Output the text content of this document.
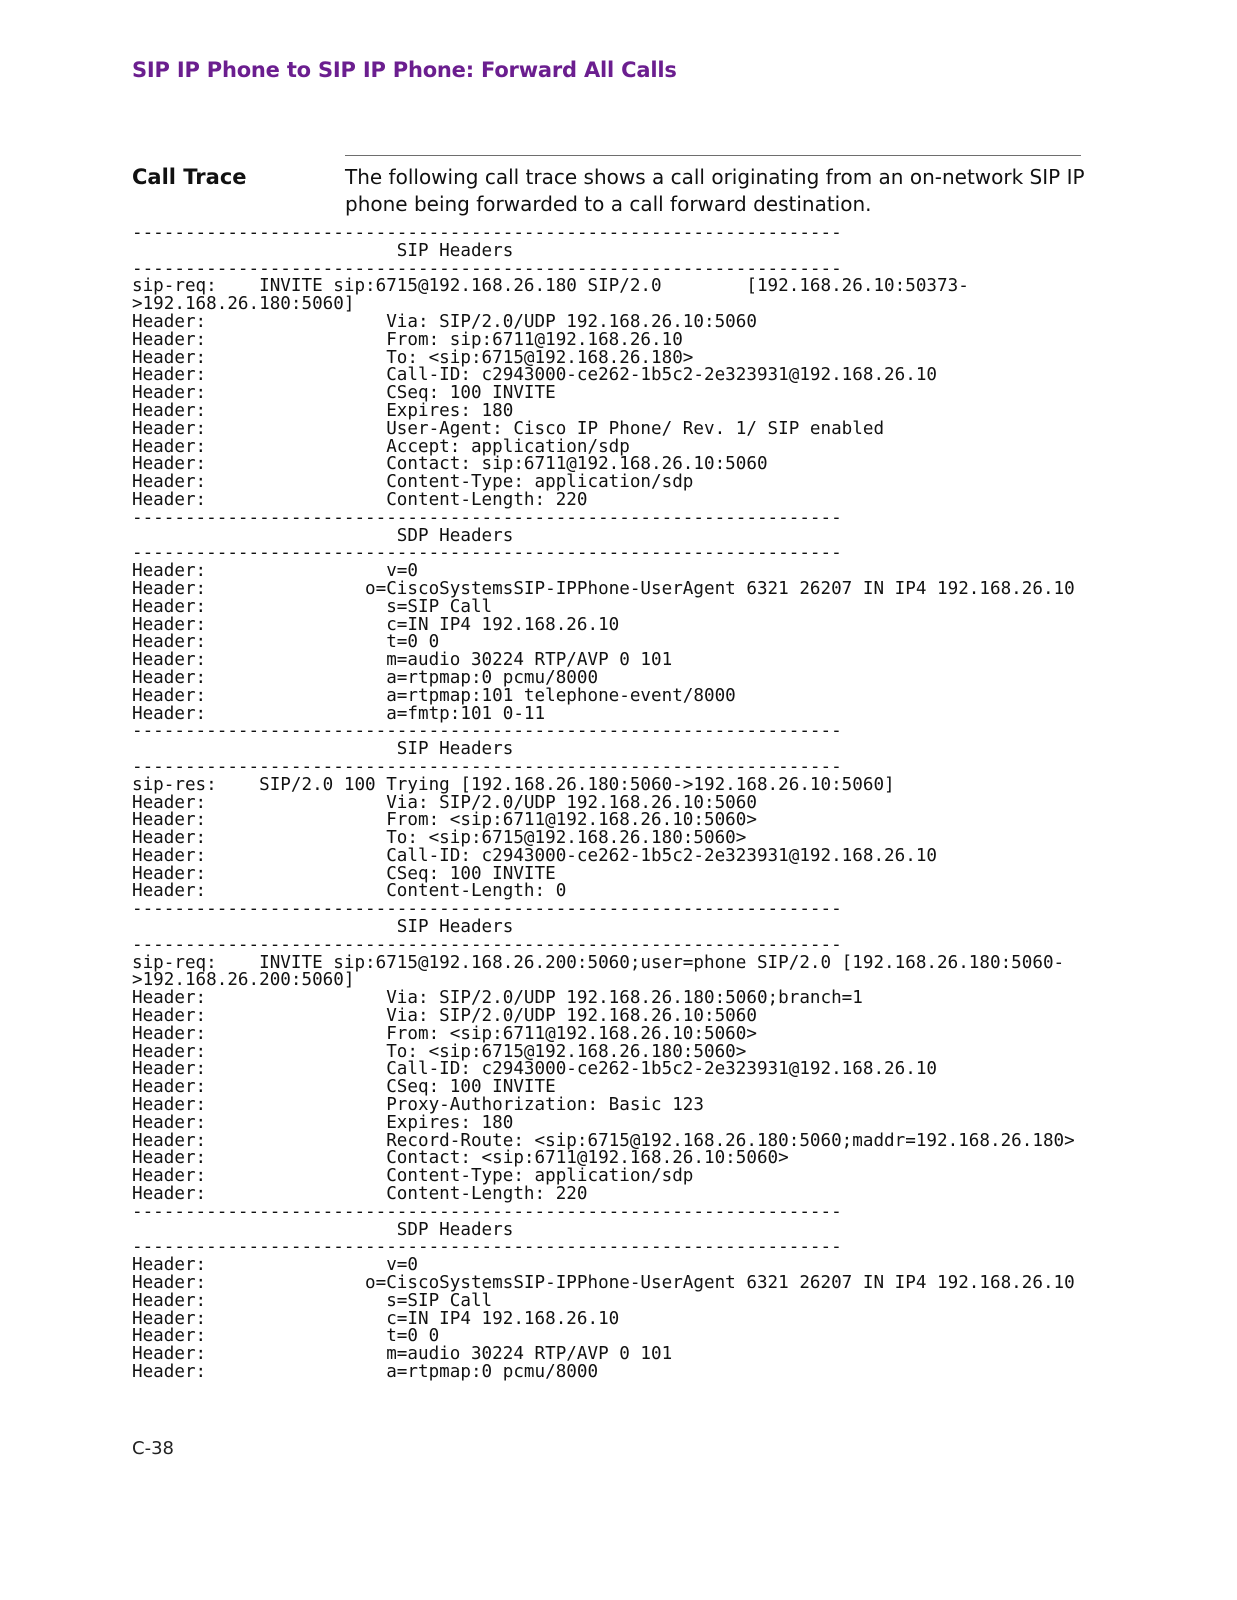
SIP IP Phone to SIP IP Phone: Forward All Calls
Call Trace	The following call trace shows a call originating from an on-network SIP IP phone being forwarded to a call forward destination.
-------------------------------------------------------------------
SIP Headers
-------------------------------------------------------------------
sip-req:    INVITE sip:6715@192.168.26.180 SIP/2.0        [192.168.26.10:50373-
>192.168.26.180:5060]
Header:                 Via: SIP/2.0/UDP 192.168.26.10:5060
Header:                 From: sip:6711@192.168.26.10
Header:                 To: <sip:6715@192.168.26.180>
Header:                 Call-ID: c2943000-ce262-1b5c2-2e323931@192.168.26.10
Header:                 CSeq: 100 INVITE
Header:                 Expires: 180
Header:                 User-Agent: Cisco IP Phone/ Rev. 1/ SIP enabled
Header:                 Accept: application/sdp
Header:                 Contact: sip:6711@192.168.26.10:5060
Header:                 Content-Type: application/sdp
Header:                 Content-Length: 220
-------------------------------------------------------------------
SDP Headers
-------------------------------------------------------------------
Header:                 v=0
Header:               o=CiscoSystemsSIP-IPPhone-UserAgent 6321 26207 IN IP4 192.168.26.10
Header:                 s=SIP Call
Header:                 c=IN IP4 192.168.26.10
Header:                 t=0 0
Header:                 m=audio 30224 RTP/AVP 0 101
Header:                 a=rtpmap:0 pcmu/8000
Header:                 a=rtpmap:101 telephone-event/8000
Header:                 a=fmtp:101 0-11
-------------------------------------------------------------------
SIP Headers
-------------------------------------------------------------------
sip-res:    SIP/2.0 100 Trying [192.168.26.180:5060->192.168.26.10:5060]
Header:                 Via: SIP/2.0/UDP 192.168.26.10:5060
Header:                 From: <sip:6711@192.168.26.10:5060>
Header:                 To: <sip:6715@192.168.26.180:5060>
Header:                 Call-ID: c2943000-ce262-1b5c2-2e323931@192.168.26.10
Header:                 CSeq: 100 INVITE
Header:                 Content-Length: 0
-------------------------------------------------------------------
SIP Headers
-------------------------------------------------------------------
sip-req:    INVITE sip:6715@192.168.26.200:5060;user=phone SIP/2.0 [192.168.26.180:5060-
>192.168.26.200:5060]
Header:                 Via: SIP/2.0/UDP 192.168.26.180:5060;branch=1
Header:                 Via: SIP/2.0/UDP 192.168.26.10:5060
Header:                 From: <sip:6711@192.168.26.10:5060>
Header:                 To: <sip:6715@192.168.26.180:5060>
Header:                 Call-ID: c2943000-ce262-1b5c2-2e323931@192.168.26.10
Header:                 CSeq: 100 INVITE
Header:                 Proxy-Authorization: Basic 123
Header:                 Expires: 180
Header:                 Record-Route: <sip:6715@192.168.26.180:5060;maddr=192.168.26.180>
Header:                 Contact: <sip:6711@192.168.26.10:5060>
Header:                 Content-Type: application/sdp
Header:                 Content-Length: 220
-------------------------------------------------------------------
SDP Headers
-------------------------------------------------------------------
Header:                 v=0
Header:               o=CiscoSystemsSIP-IPPhone-UserAgent 6321 26207 IN IP4 192.168.26.10
Header:                 s=SIP Call
Header:                 c=IN IP4 192.168.26.10
Header:                 t=0 0
Header:                 m=audio 30224 RTP/AVP 0 101
Header:                 a=rtpmap:0 pcmu/8000
C-38
